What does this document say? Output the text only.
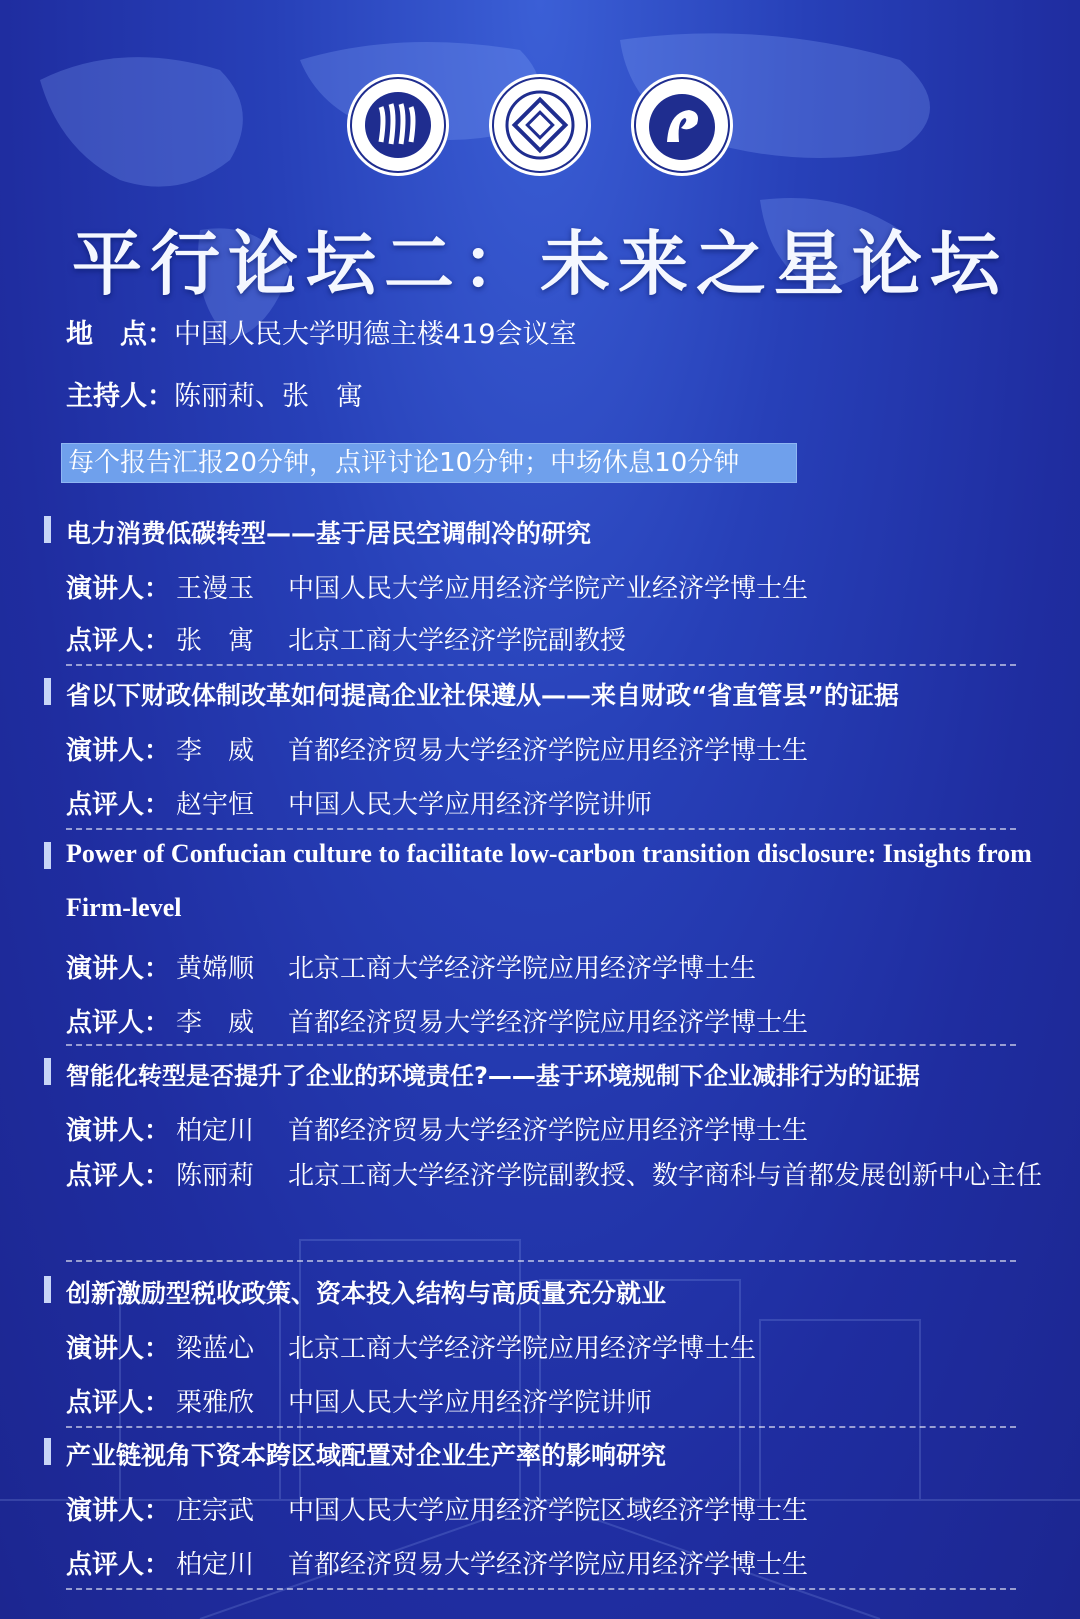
平行论坛二：未来之星论坛
地　点：中国人民大学明德主楼419会议室
主持人：陈丽莉、张　寓
每个报告汇报20分钟，点评讨论10分钟；中场休息10分钟
电力消费低碳转型——基于居民空调制冷的研究
演讲人： 王漫玉	中国人民大学应用经济学院产业经济学博士生
点评人： 张　寓	北京工商大学经济学院副教授
省以下财政体制改革如何提高企业社保遵从——来自财政“省直管县”的证据
演讲人： 李　威	首都经济贸易大学经济学院应用经济学博士生
点评人： 赵宇恒	中国人民大学应用经济学院讲师
Power of Confucian culture to facilitate low-carbon transition disclosure: Insights from Firm-level
演讲人： 黄嫦顺	北京工商大学经济学院应用经济学博士生
点评人： 李　威	首都经济贸易大学经济学院应用经济学博士生
智能化转型是否提升了企业的环境责任?——基于环境规制下企业减排行为的证据
演讲人： 柏定川	首都经济贸易大学经济学院应用经济学博士生
点评人： 陈丽莉	北京工商大学经济学院副教授、数字商科与首都发展创新中心主任
创新激励型税收政策、资本投入结构与高质量充分就业
演讲人： 梁蓝心	北京工商大学经济学院应用经济学博士生
点评人： 栗雅欣	中国人民大学应用经济学院讲师
产业链视角下资本跨区域配置对企业生产率的影响研究
演讲人： 庄宗武	中国人民大学应用经济学院区域经济学博士生
点评人： 柏定川	首都经济贸易大学经济学院应用经济学博士生
